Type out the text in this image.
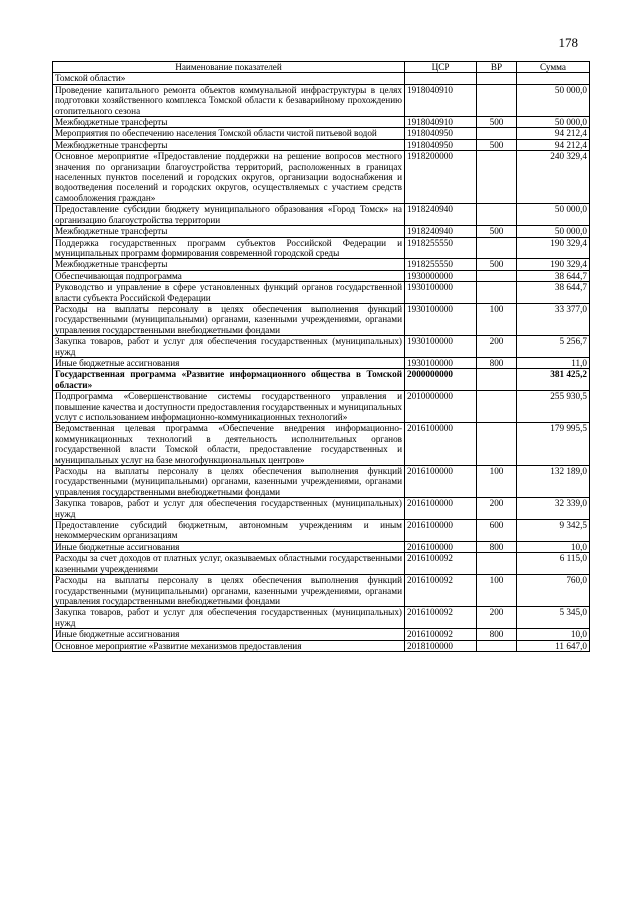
178
Наименование показателей	ЦСР	ВР	Сумма
Томской области»			
Проведение капитального ремонта объектов коммунальной инфраструктуры в целях подготовки хозяйственного комплекса Томской области к безаварийному прохождению отопительного сезона	1918040910		50 000,0
Межбюджетные трансферты	1918040910	500	50 000,0
Мероприятия по обеспечению населения Томской области чистой питьевой водой	1918040950		94 212,4
Межбюджетные трансферты	1918040950	500	94 212,4
Основное мероприятие «Предоставление поддержки на решение вопросов местного значения по организации благоустройства территорий, расположенных в границах населенных пунктов поселений и городских округов, организации водоснабжения и водоотведения поселений и городских округов, осуществляемых с участием средств самообложения граждан»	1918200000		240 329,4
Предоставление субсидии бюджету муниципального образования «Город Томск» на организацию благоустройства территории	1918240940		50 000,0
Межбюджетные трансферты	1918240940	500	50 000,0
Поддержка государственных программ субъектов Российской Федерации и муниципальных программ формирования современной городской среды	1918255550		190 329,4
Межбюджетные трансферты	1918255550	500	190 329,4
Обеспечивающая подпрограмма	1930000000		38 644,7
Руководство и управление в сфере установленных функций органов государственной власти субъекта Российской Федерации	1930100000		38 644,7
Расходы на выплаты персоналу в целях обеспечения выполнения функций государственными (муниципальными) органами, казенными учреждениями, органами управления государственными внебюджетными фондами	1930100000	100	33 377,0
Закупка товаров, работ и услуг для обеспечения государственных (муниципальных) нужд	1930100000	200	5 256,7
Иные бюджетные ассигнования	1930100000	800	11,0
Государственная программа «Развитие информационного общества в Томской области»	2000000000		381 425,2
Подпрограмма «Совершенствование системы государственного управления и повышение качества и доступности предоставления государственных и муниципальных услут с использованием информационно-коммуникационных технологий»	2010000000		255 930,5
Ведомственная целевая программа «Обеспечение внедрения информационно-коммуникационных технологий в деятельность исполнительных органов государственной власти Томской области, предоставление государственных и муниципальных услуг на базе многофункциональных центров»	2016100000		179 995,5
Расходы на выплаты персоналу в целях обеспечения выполнения функций государственными (муниципальными) органами, казенными учреждениями, органами управления государственными внебюджетными фондами	2016100000	100	132 189,0
Закупка товаров, работ и услуг для обеспечения государственных (муниципальных) нужд	2016100000	200	32 339,0
Предоставление субсидий бюджетным, автономным учреждениям и иным некоммерческим организациям	2016100000	600	9 342,5
Иные бюджетные ассигнования	2016100000	800	10,0
Расходы за счет доходов от платных услуг, оказываемых областными государственными казенными учреждениями	2016100092		6 115,0
Расходы на выплаты персоналу в целях обеспечения выполнения функций государственными (муниципальными) органами, казенными учреждениями, органами управления государственными внебюджетными фондами	2016100092	100	760,0
Закупка товаров, работ и услуг для обеспечения государственных (муниципальных) нужд	2016100092	200	5 345,0
Иные бюджетные ассигнования	2016100092	800	10,0
Основное мероприятие «Развитие механизмов предоставления	2018100000		11 647,0
